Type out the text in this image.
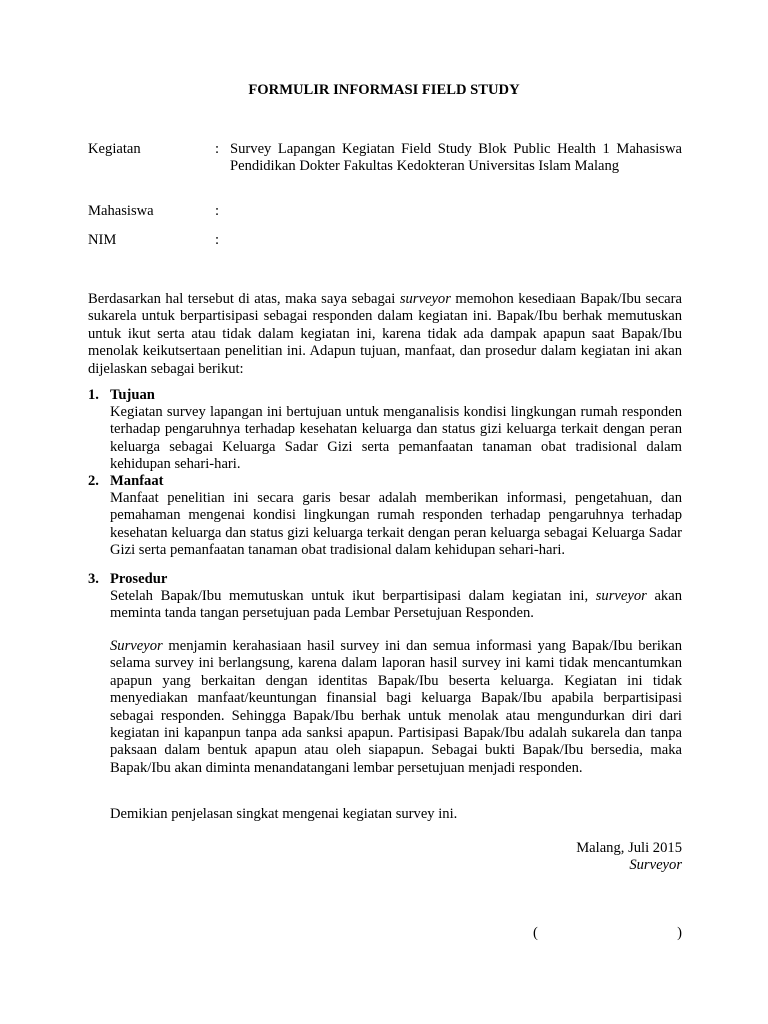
FORMULIR INFORMASI FIELD STUDY
Kegiatan	: Survey Lapangan Kegiatan Field Study Blok Public Health 1 Mahasiswa Pendidikan Dokter Fakultas Kedokteran Universitas Islam Malang
Mahasiswa	:
NIM	:
Berdasarkan hal tersebut di atas, maka saya sebagai surveyor memohon kesediaan Bapak/Ibu secara sukarela untuk berpartisipasi sebagai responden dalam kegiatan ini. Bapak/Ibu berhak memutuskan untuk ikut serta atau tidak dalam kegiatan ini, karena tidak ada dampak apapun saat Bapak/Ibu menolak keikutsertaan penelitian ini. Adapun tujuan, manfaat, dan prosedur dalam kegiatan ini akan dijelaskan sebagai berikut:
1. Tujuan
Kegiatan survey lapangan ini bertujuan untuk menganalisis kondisi lingkungan rumah responden terhadap pengaruhnya terhadap kesehatan keluarga dan status gizi keluarga terkait dengan peran keluarga sebagai Keluarga Sadar Gizi serta pemanfaatan tanaman obat tradisional dalam kehidupan sehari-hari.
2. Manfaat
Manfaat penelitian ini secara garis besar adalah memberikan informasi, pengetahuan, dan pemahaman mengenai kondisi lingkungan rumah responden terhadap pengaruhnya terhadap kesehatan keluarga dan status gizi keluarga terkait dengan peran keluarga sebagai Keluarga Sadar Gizi serta pemanfaatan tanaman obat tradisional dalam kehidupan sehari-hari.
3. Prosedur
Setelah Bapak/Ibu memutuskan untuk ikut berpartisipasi dalam kegiatan ini, surveyor akan meminta tanda tangan persetujuan pada Lembar Persetujuan Responden.
Surveyor menjamin kerahasiaan hasil survey ini dan semua informasi yang Bapak/Ibu berikan selama survey ini berlangsung, karena dalam laporan hasil survey ini kami tidak mencantumkan apapun yang berkaitan dengan identitas Bapak/Ibu beserta keluarga. Kegiatan ini tidak menyediakan manfaat/keuntungan finansial bagi keluarga Bapak/Ibu apabila berpartisipasi sebagai responden. Sehingga Bapak/Ibu berhak untuk menolak atau mengundurkan diri dari kegiatan ini kapanpun tanpa ada sanksi apapun. Partisipasi Bapak/Ibu adalah sukarela dan tanpa paksaan dalam bentuk apapun atau oleh siapapun. Sebagai bukti Bapak/Ibu bersedia, maka Bapak/Ibu akan diminta menandatangani lembar persetujuan menjadi responden.
Demikian penjelasan singkat mengenai kegiatan survey ini.
Malang, Juli 2015
Surveyor
(	)
